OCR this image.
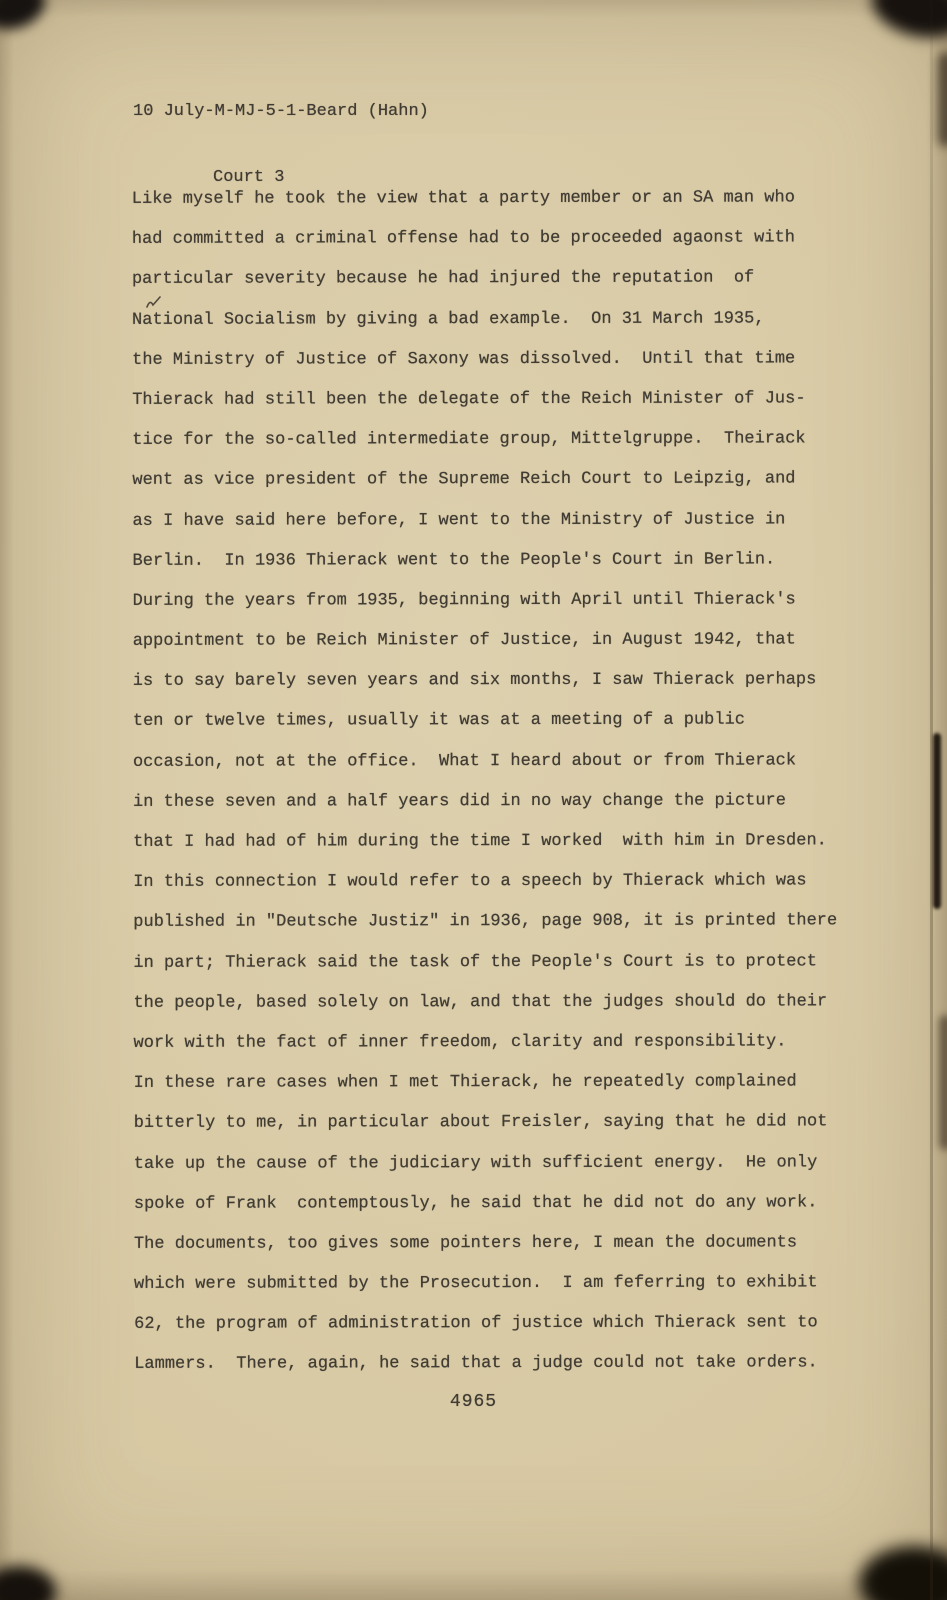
10 July-M-MJ-5-1-Beard (Hahn)

Court 3

Like myself he took the view that a party member or an SA man who
had committed a criminal offense had to be proceeded agaonst with
particular severity because he had injured the reputation  of
National Socialism by giving a bad example.  On 31 March 1935,
the Ministry of Justice of Saxony was dissolved.  Until that time
Thierack had still been the delegate of the Reich Minister of Jus-
tice for the so-called intermediate group, Mittelgruppe.  Theirack
went as vice president of the Supreme Reich Court to Leipzig, and
as I have said here before, I went to the Ministry of Justice in
Berlin.  In 1936 Thierack went to the People's Court in Berlin.
During the years from 1935, beginning with April until Thierack's
appointment to be Reich Minister of Justice, in August 1942, that
is to say barely seven years and six months, I saw Thierack perhaps
ten or twelve times, usually it was at a meeting of a public
occasion, not at the office.  What I heard about or from Thierack
in these seven and a half years did in no way change the picture
that I had had of him during the time I worked  with him in Dresden.
In this connection I would refer to a speech by Thierack which was
published in "Deutsche Justiz" in 1936, page 908, it is printed there
in part; Thierack said the task of the People's Court is to protect
the people, based solely on law, and that the judges should do their
work with the fact of inner freedom, clarity and responsibility.
In these rare cases when I met Thierack, he repeatedly complained
bitterly to me, in particular about Freisler, saying that he did not
take up the cause of the judiciary with sufficient energy.  He only
spoke of Frank  contemptously, he said that he did not do any work.
The documents, too gives some pointers here, I mean the documents
which were submitted by the Prosecution.  I am feferring to exhibit
62, the program of administration of justice which Thierack sent to
Lammers.  There, again, he said that a judge could not take orders.
4965
